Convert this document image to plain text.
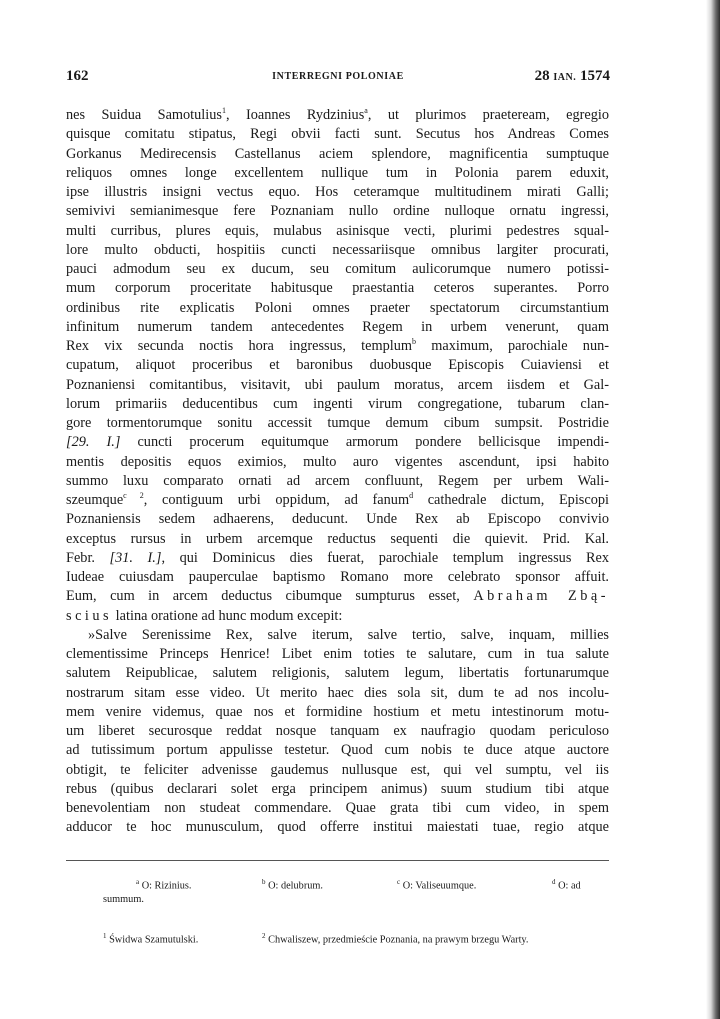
162	INTERREGNI POLONIAE	28 IAN. 1574
nes Suidua Samotulius$^1$, Ioannes Rydzinius$^a$, ut plurimos praeteream, egregio
quisque comitatu stipatus, Regi obvii facti sunt. Secutus hos Andreas Comes
Gorkanus Medirecensis Castellanus aciem splendore, magnificentia sumptuque
reliquos omnes longe excellentem nullique tum in Polonia parem eduxit,
ipse illustris insigni vectus equo. Hos ceteramque multitudinem mirati Galli;
semivivi semianimesque fere Poznaniam nullo ordine nulloque ornatu ingressi,
multi curribus, plures equis, mulabus asinisque vecti, plurimi pedestres squal-
lore multo obducti, hospitiis cuncti necessariisque omnibus largiter procurati,
pauci admodum seu ex ducum, seu comitum aulicorumque numero potissi-
mum corporum proceritate habitusque praestantia ceteros superantes. Porro
ordinibus rite explicatis Poloni omnes praeter spectatorum circumstantium
infinitum numerum tandem antecedentes Regem in urbem venerunt, quam
Rex vix secunda noctis hora ingressus, templum$^b$ maximum, parochiale nun-
cupatum, aliquot proceribus et baronibus duobusque Episcopis Cuiaviensi et
Poznaniensi comitantibus, visitavit, ubi paulum moratus, arcem iisdem et Gal-
lorum primariis deducentibus cum ingenti virum congregatione, tubarum clan-
gore tormentorumque sonitu accessit tumque demum cibum sumpsit. Postridie
[29. I.] cuncti procerum equitumque armorum pondere bellicisque impendi-
mentis depositis equos eximios, multo auro vigentes ascendunt, ipsi habito
summo luxu comparato ornati ad arcem confluunt, Regem per urbem Wali-
szeumque$^{c 2}$, contiguum urbi oppidum, ad fanum$^d$ cathedrale dictum, Episcopi
Poznaniensis sedem adhaerens, deducunt. Unde Rex ab Episcopo convivio
exceptus rursus in urbem arcemque reductus sequenti die quievit. Prid. Kal.
Febr. [31. I.], qui Dominicus dies fuerat, parochiale templum ingressus Rex
Iudeae cuiusdam pauperculae baptismo Romano more celebrato sponsor affuit.
Eum, cum in arcem deductus cibumque sumpturus esset, Abraham Zbą-
scius latina oratione ad hunc modum excepit:
»Salve Serenissime Rex, salve iterum, salve tertio, salve, inquam, millies
clementissime Princeps Henrice! Libet enim toties te salutare, cum in tua salute
salutem Reipublicae, salutem religionis, salutem legum, libertatis fortunarumque
nostrarum sitam esse video. Ut merito haec dies sola sit, dum te ad nos incolu-
mem venire videmus, quae nos et formidine hostium et metu intestinorum motu-
um liberet securosque reddat nosque tanquam ex naufragio quodam periculoso
ad tutissimum portum appulisse testetur. Quod cum nobis te duce atque auctore
obtigit, te feliciter advenisse gaudemus nullusque est, qui vel sumptu, vel iis
rebus (quibus declarari solet erga principem animus) suum studium tibi atque
benevolentiam non studeat commendare. Quae grata tibi cum video, in spem
adducor te hoc munusculum, quod offerre institui maiestati tuae, regio atque
$^a$ O: Rizinius.	$^b$ O: delubrum.	$^c$ O: Valiseuumque.	$^d$ O: ad
summum.
$^1$ Świdwa Szamutulski.	$^2$ Chwaliszew, przedmieście Poznania, na prawym brzegu Warty.
